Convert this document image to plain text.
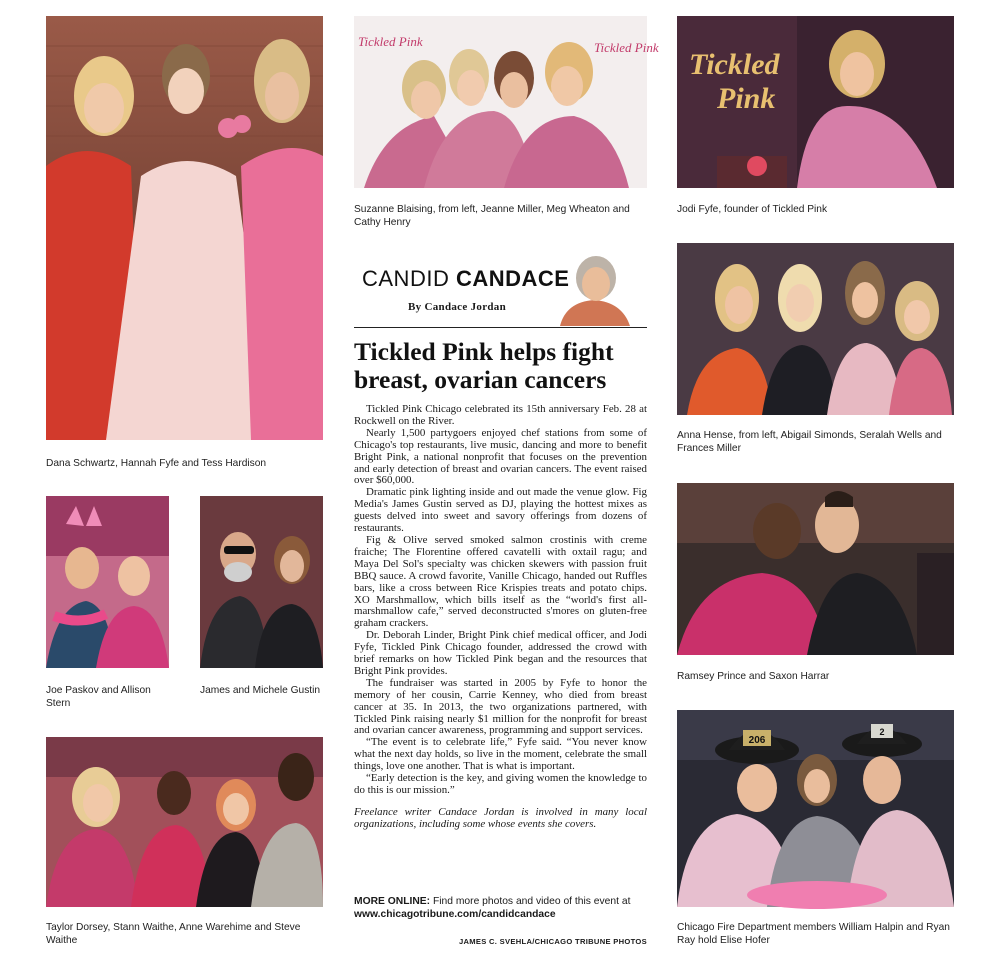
Dana Schwartz, Hannah Fyfe and Tess Hardison
Tickled Pink	Tickled Pink
Suzanne Blaising, from left, Jeanne Miller, Meg Wheaton and Cathy Henry
Tickled
Pink
Jodi Fyfe, founder of Tickled Pink
CANDID CANDACE
By Candace Jordan
Tickled Pink helps fight breast, ovarian cancers

Tickled Pink Chicago celebrated its 15th anniversary Feb. 28 at Rockwell on the River.

Nearly 1,500 partygoers enjoyed chef stations from some of Chicago's top restaurants, live music, dancing and more to benefit Bright Pink, a national nonprofit that focuses on the prevention and early detection of breast and ovarian cancers. The event raised over $60,000.

Dramatic pink lighting inside and out made the venue glow. Fig Media's James Gustin served as DJ, playing the hottest mixes as guests delved into sweet and savory offerings from dozens of restaurants.

Fig & Olive served smoked salmon crostinis with creme fraiche; The Florentine offered cavatelli with oxtail ragu; and Maya Del Sol's specialty was chicken skewers with passion fruit BBQ sauce. A crowd favorite, Vanille Chicago, handed out Ruffles bars, like a cross between Rice Krispies treats and potato chips. XO Marshmallow, which bills itself as the “world's first all-marshmallow cafe,” served deconstructed s'mores on gluten-free graham crackers.

Dr. Deborah Linder, Bright Pink chief medical officer, and Jodi Fyfe, Tickled Pink Chicago founder, addressed the crowd with brief remarks on how Tickled Pink began and the resources that Bright Pink provides.

The fundraiser was started in 2005 by Fyfe to honor the memory of her cousin, Carrie Kenney, who died from breast cancer at 35. In 2013, the two organizations partnered, with Tickled Pink raising nearly $1 million for the nonprofit for breast and ovarian cancer awareness, programming and support services.

“The event is to celebrate life,” Fyfe said. “You never know what the next day holds, so live in the moment, celebrate the small things, love one another. That is what is important.

“Early detection is the key, and giving women the knowledge to do this is our mission.”

Freelance writer Candace Jordan is involved in many local organizations, including some whose events she covers.

MORE ONLINE: Find more photos and video of this event at www.chicagotribune.com/candidcandace
JAMES C. SVEHLA/CHICAGO TRIBUNE PHOTOS
Anna Hense, from left, Abigail Simonds, Seralah Wells and Frances Miller
Joe Paskov and Allison Stern
James and Michele Gustin
Ramsey Prince and Saxon Harrar
Taylor Dorsey, Stann Waithe, Anne Warehime and Steve Waithe
206
2
Chicago Fire Department members William Halpin and Ryan Ray hold Elise Hofer
